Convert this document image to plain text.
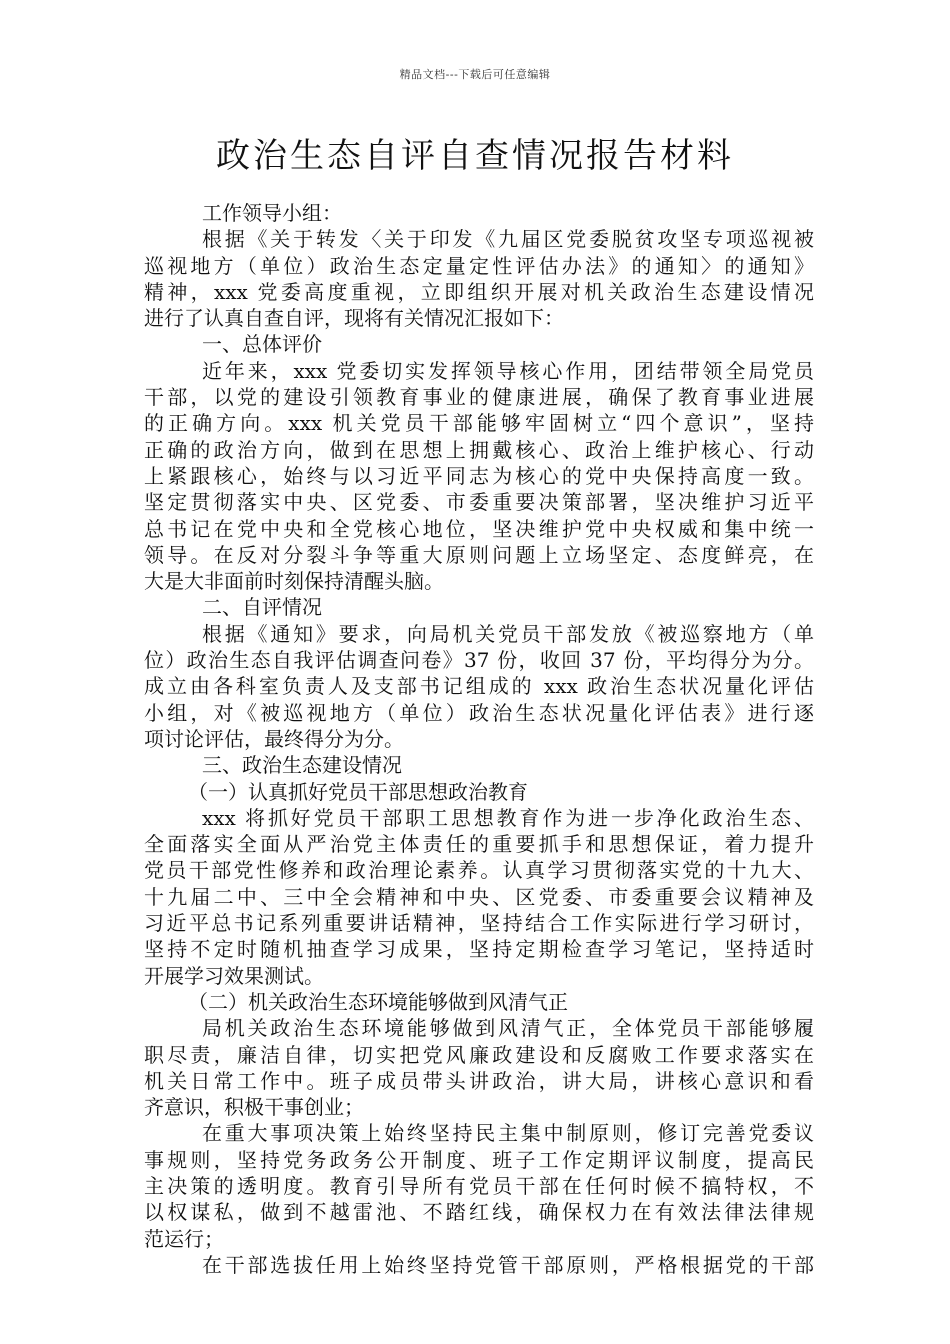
精品文档---下载后可任意编辑
政治生态自评自查情况报告材料
工作领导小组：
根据《关于转发〈关于印发《九届区党委脱贫攻坚专项巡视被
巡视地方（单位）政治生态定量定性评估办法》的通知〉的通知》
精神，xxx 党委高度重视，立即组织开展对机关政治生态建设情况
进行了认真自查自评，现将有关情况汇报如下：
一、总体评价
近年来，xxx 党委切实发挥领导核心作用，团结带领全局党员
干部，以党的建设引领教育事业的健康进展，确保了教育事业进展
的正确方向。xxx 机关党员干部能够牢固树立“四个意识”，坚持
正确的政治方向，做到在思想上拥戴核心、政治上维护核心、行动
上紧跟核心，始终与以习近平同志为核心的党中央保持高度一致。
坚定贯彻落实中央、区党委、市委重要决策部署，坚决维护习近平
总书记在党中央和全党核心地位，坚决维护党中央权威和集中统一
领导。在反对分裂斗争等重大原则问题上立场坚定、态度鲜亮，在
大是大非面前时刻保持清醒头脑。
二、自评情况
根据《通知》要求，向局机关党员干部发放《被巡察地方（单
位）政治生态自我评估调查问卷》37 份，收回 37 份，平均得分为分。
成立由各科室负责人及支部书记组成的 xxx 政治生态状况量化评估
小组，对《被巡视地方（单位）政治生态状况量化评估表》进行逐
项讨论评估，最终得分为分。
三、政治生态建设情况
（一）认真抓好党员干部思想政治教育
xxx 将抓好党员干部职工思想教育作为进一步净化政治生态、
全面落实全面从严治党主体责任的重要抓手和思想保证，着力提升
党员干部党性修养和政治理论素养。认真学习贯彻落实党的十九大、
十九届二中、三中全会精神和中央、区党委、市委重要会议精神及
习近平总书记系列重要讲话精神，坚持结合工作实际进行学习研讨，
坚持不定时随机抽查学习成果，坚持定期检查学习笔记，坚持适时
开展学习效果测试。
（二）机关政治生态环境能够做到风清气正
局机关政治生态环境能够做到风清气正，全体党员干部能够履
职尽责，廉洁自律，切实把党风廉政建设和反腐败工作要求落实在
机关日常工作中。班子成员带头讲政治，讲大局，讲核心意识和看
齐意识，积极干事创业；
在重大事项决策上始终坚持民主集中制原则，修订完善党委议
事规则，坚持党务政务公开制度、班子工作定期评议制度，提高民
主决策的透明度。教育引导所有党员干部在任何时候不搞特权，不
以权谋私，做到不越雷池、不踏红线，确保权力在有效法律法律规
范运行；
在干部选拔任用上始终坚持党管干部原则，严格根据党的干部
